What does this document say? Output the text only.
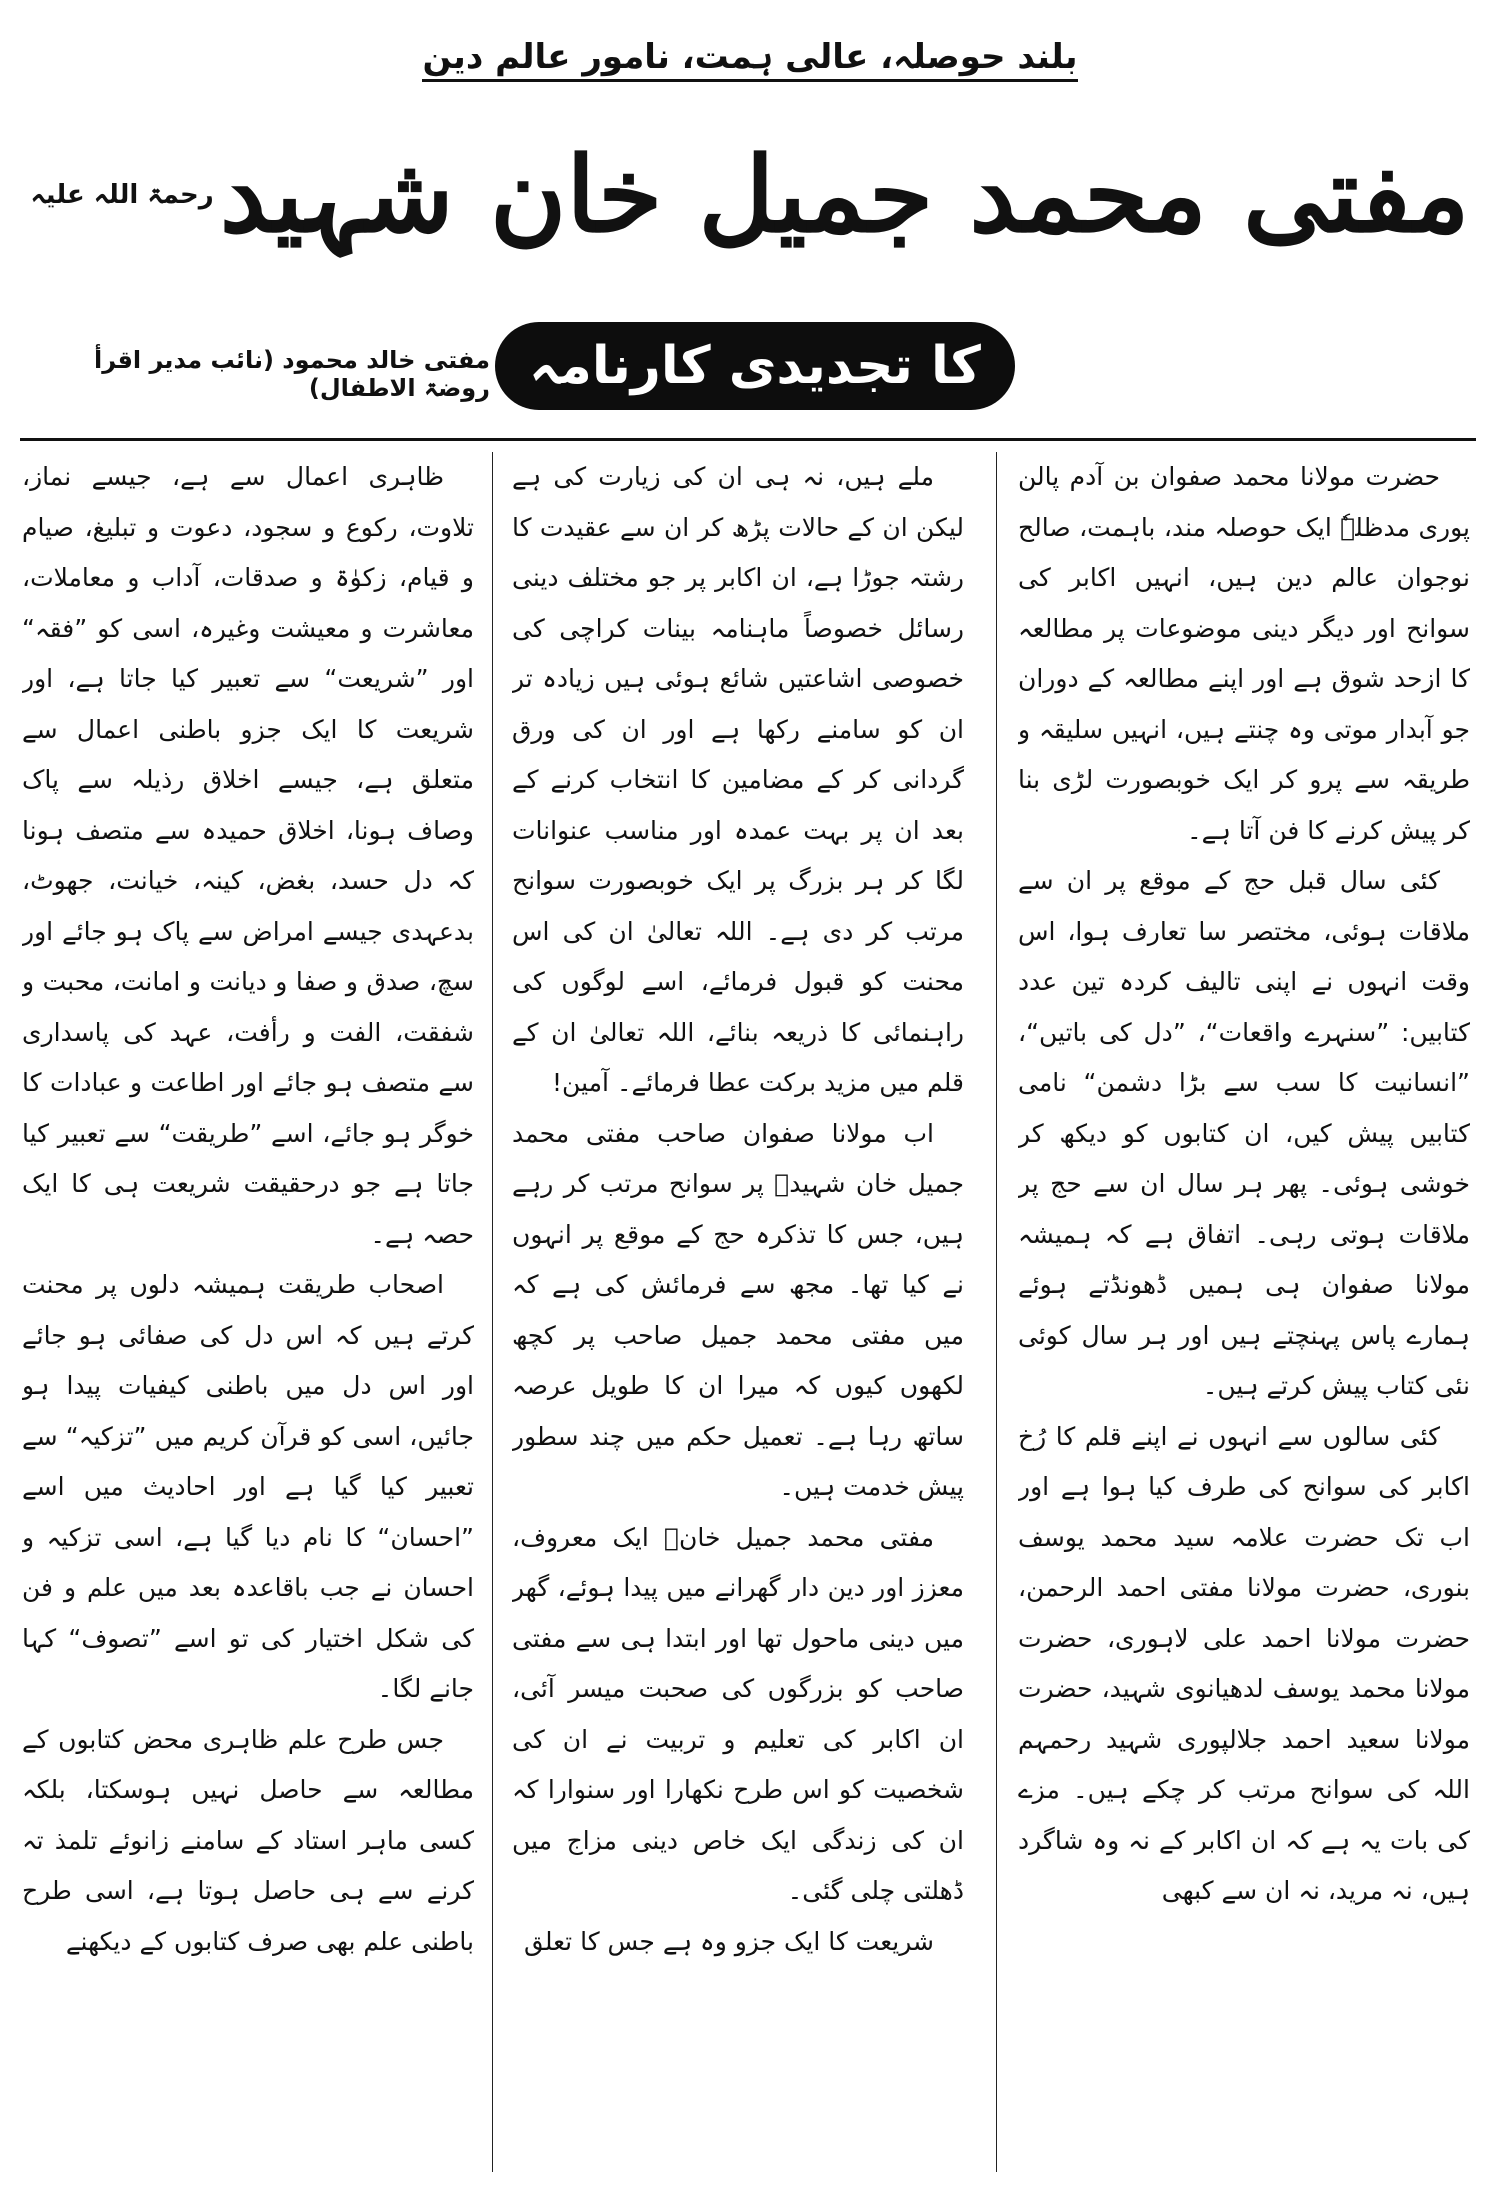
بلند حوصلہ، عالی ہمت، نامور عالم دین
مفتی محمد جمیل خان شہید$^{رحمۃ اللہ علیہ}$
کا تجدیدی کارنامہ
مفتی خالد محمود (نائب مدیر اقرأ روضۃ الاطفال)

حضرت مولانا محمد صفوان بن آدم پالن پوری مدظلہٗ ایک حوصلہ مند، باہمت، صالح نوجوان عالم دین ہیں، انہیں اکابر کی سوانح اور دیگر دینی موضوعات پر مطالعہ کا ازحد شوق ہے اور اپنے مطالعہ کے دوران جو آبدار موتی وہ چنتے ہیں، انہیں سلیقہ و طریقہ سے پرو کر ایک خوبصورت لڑی بنا کر پیش کرنے کا فن آتا ہے۔

کئی سال قبل حج کے موقع پر ان سے ملاقات ہوئی، مختصر سا تعارف ہوا، اس وقت انہوں نے اپنی تالیف کردہ تین عدد کتابیں: ”سنہرے واقعات“، ”دل کی باتیں“، ”انسانیت کا سب سے بڑا دشمن“ نامی کتابیں پیش کیں، ان کتابوں کو دیکھ کر خوشی ہوئی۔ پھر ہر سال ان سے حج پر ملاقات ہوتی رہی۔ اتفاق ہے کہ ہمیشہ مولانا صفوان ہی ہمیں ڈھونڈتے ہوئے ہمارے پاس پہنچتے ہیں اور ہر سال کوئی نئی کتاب پیش کرتے ہیں۔

کئی سالوں سے انہوں نے اپنے قلم کا رُخ اکابر کی سوانح کی طرف کیا ہوا ہے اور اب تک حضرت علامہ سید محمد یوسف بنوری، حضرت مولانا مفتی احمد الرحمن، حضرت مولانا احمد علی لاہوری، حضرت مولانا محمد یوسف لدھیانوی شہید، حضرت مولانا سعید احمد جلالپوری شہید رحمہم اللہ کی سوانح مرتب کر چکے ہیں۔ مزے کی بات یہ ہے کہ ان اکابر کے نہ وہ شاگرد ہیں، نہ مرید، نہ ان سے کبھی

ملے ہیں، نہ ہی ان کی زیارت کی ہے لیکن ان کے حالات پڑھ کر ان سے عقیدت کا رشتہ جوڑا ہے، ان اکابر پر جو مختلف دینی رسائل خصوصاً ماہنامہ بینات کراچی کی خصوصی اشاعتیں شائع ہوئی ہیں زیادہ تر ان کو سامنے رکھا ہے اور ان کی ورق گردانی کر کے مضامین کا انتخاب کرنے کے بعد ان پر بہت عمدہ اور مناسب عنوانات لگا کر ہر بزرگ پر ایک خوبصورت سوانح مرتب کر دی ہے۔ اللہ تعالیٰ ان کی اس محنت کو قبول فرمائے، اسے لوگوں کی راہنمائی کا ذریعہ بنائے، اللہ تعالیٰ ان کے قلم میں مزید برکت عطا فرمائے۔ آمین!

اب مولانا صفوان صاحب مفتی محمد جمیل خان شہیدؒ پر سوانح مرتب کر رہے ہیں، جس کا تذکرہ حج کے موقع پر انہوں نے کیا تھا۔ مجھ سے فرمائش کی ہے کہ میں مفتی محمد جمیل صاحب پر کچھ لکھوں کیوں کہ میرا ان کا طویل عرصہ ساتھ رہا ہے۔ تعمیل حکم میں چند سطور پیش خدمت ہیں۔

مفتی محمد جمیل خانؒ ایک معروف، معزز اور دین دار گھرانے میں پیدا ہوئے، گھر میں دینی ماحول تھا اور ابتدا ہی سے مفتی صاحب کو بزرگوں کی صحبت میسر آئی، ان اکابر کی تعلیم و تربیت نے ان کی شخصیت کو اس طرح نکھارا اور سنوارا کہ ان کی زندگی ایک خاص دینی مزاج میں ڈھلتی چلی گئی۔

شریعت کا ایک جزو وہ ہے جس کا تعلق

ظاہری اعمال سے ہے، جیسے نماز، تلاوت، رکوع و سجود، دعوت و تبلیغ، صیام و قیام، زکوٰۃ و صدقات، آداب و معاملات، معاشرت و معیشت وغیرہ، اسی کو ”فقہ“ اور ”شریعت“ سے تعبیر کیا جاتا ہے، اور شریعت کا ایک جزو باطنی اعمال سے متعلق ہے، جیسے اخلاق رذیلہ سے پاک وصاف ہونا، اخلاق حمیدہ سے متصف ہونا کہ دل حسد، بغض، کینہ، خیانت، جھوٹ، بدعہدی جیسے امراض سے پاک ہو جائے اور سچ، صدق و صفا و دیانت و امانت، محبت و شفقت، الفت و رأفت، عہد کی پاسداری سے متصف ہو جائے اور اطاعت و عبادات کا خوگر ہو جائے، اسے ”طریقت“ سے تعبیر کیا جاتا ہے جو درحقیقت شریعت ہی کا ایک حصہ ہے۔

اصحاب طریقت ہمیشہ دلوں پر محنت کرتے ہیں کہ اس دل کی صفائی ہو جائے اور اس دل میں باطنی کیفیات پیدا ہو جائیں، اسی کو قرآن کریم میں ”تزکیہ“ سے تعبیر کیا گیا ہے اور احادیث میں اسے ”احسان“ کا نام دیا گیا ہے، اسی تزکیہ و احسان نے جب باقاعدہ بعد میں علم و فن کی شکل اختیار کی تو اسے ”تصوف“ کہا جانے لگا۔

جس طرح علم ظاہری محض کتابوں کے مطالعہ سے حاصل نہیں ہوسکتا، بلکہ کسی ماہر استاد کے سامنے زانوئے تلمذ تہ کرنے سے ہی حاصل ہوتا ہے، اسی طرح باطنی علم بھی صرف کتابوں کے دیکھنے
